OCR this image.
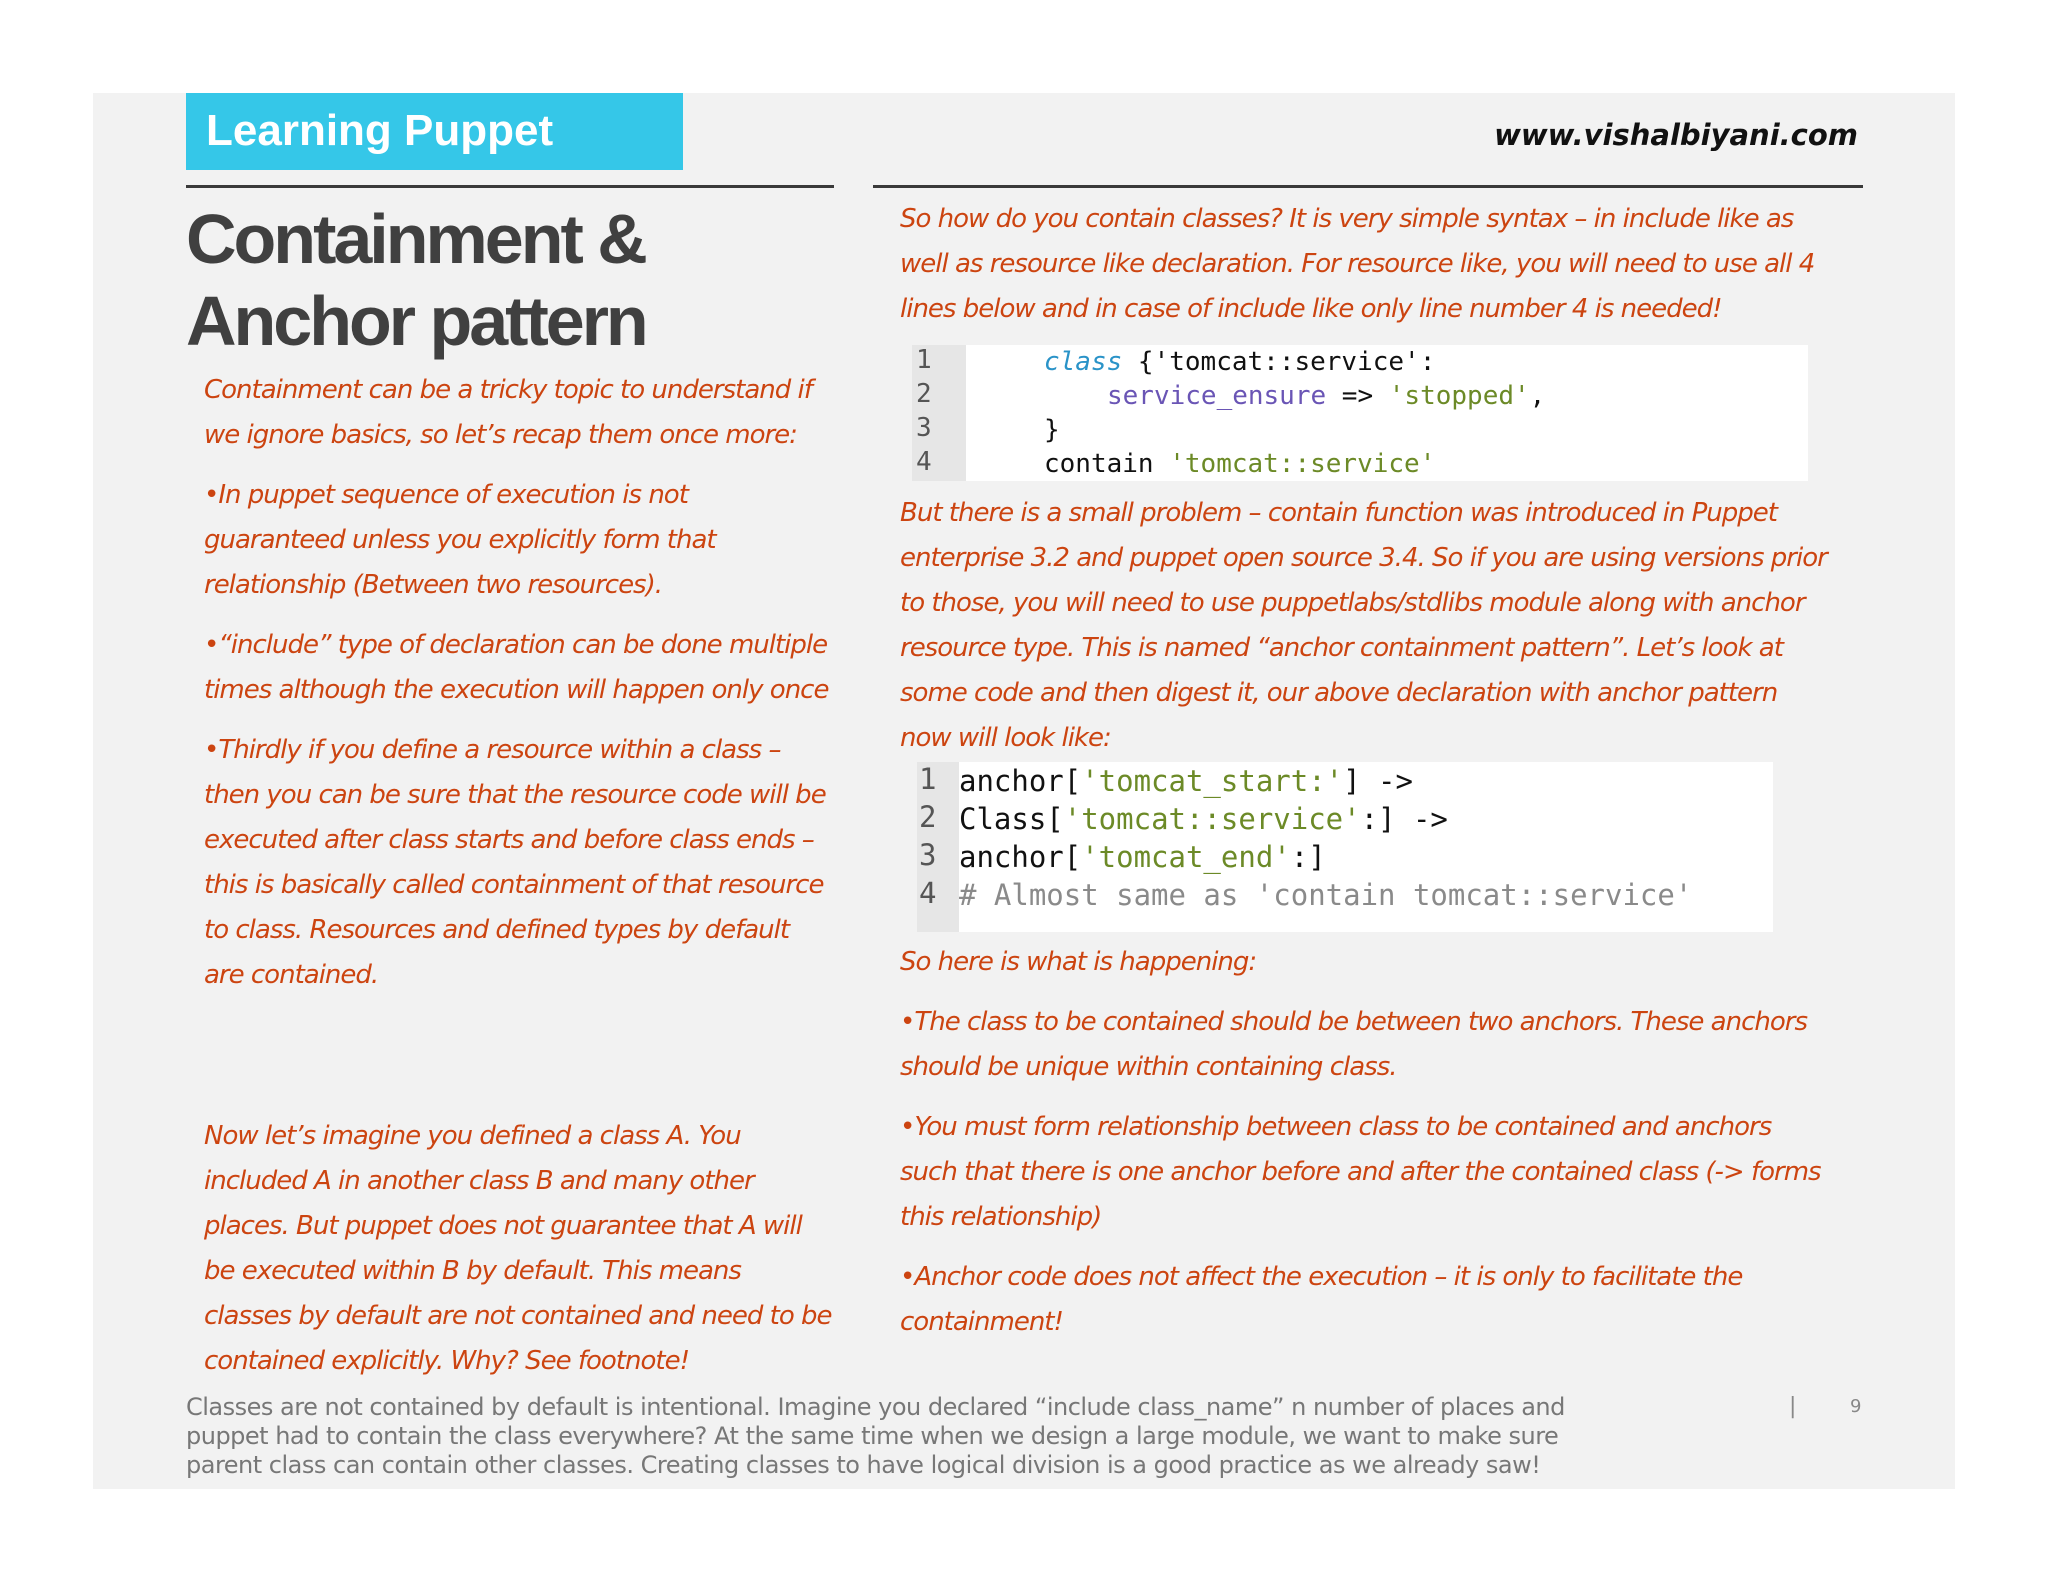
Learning Puppet	www.vishalbiyani.com
Containment &
Anchor pattern

Containment can be a tricky topic to understand if we ignore basics, so let’s recap them once more:

•In puppet sequence of execution is not guaranteed unless you explicitly form that relationship (Between two resources).

•“include” type of declaration can be done multiple times although the execution will happen only once

•Thirdly if you define a resource within a class – then you can be sure that the resource code will be executed after class starts and before class ends – this is basically called containment of that resource to class. Resources and defined types by default are contained.

Now let’s imagine you defined a class A. You included A in another class B and many other places. But puppet does not guarantee that A will be executed within B by default. This means classes by default are not contained and need to be contained explicitly. Why? See footnote!

So how do you contain classes? It is very simple syntax – in include like as well as resource like declaration. For resource like, you will need to use all 4 lines below and in case of include like only line number 4 is needed!

1
2
3
4
class {'tomcat::service':
service_ensure => 'stopped',
}
contain 'tomcat::service'

But there is a small problem – contain function was introduced in Puppet enterprise 3.2 and puppet open source 3.4. So if you are using versions prior to those, you will need to use puppetlabs/stdlibs module along with anchor resource type. This is named “anchor containment pattern”. Let’s look at some code and then digest it, our above declaration with anchor pattern now will look like:

1
2
3
4
anchor['tomcat_start:'] ->
Class['tomcat::service':] ->
anchor['tomcat_end':]
# Almost same as 'contain tomcat::service'

So here is what is happening:

•The class to be contained should be between two anchors. These anchors should be unique within containing class.

•You must form relationship between class to be contained and anchors such that there is one anchor before and after the contained class (-> forms this relationship)

•Anchor code does not affect the execution – it is only to facilitate the containment!

Classes are not contained by default is intentional. Imagine you declared “include class_name” n number of places and

puppet had to contain the class everywhere? At the same time when we design a large module, we want to make sure

parent class can contain other classes. Creating classes to have logical division is a good practice as we already saw!

|	9
